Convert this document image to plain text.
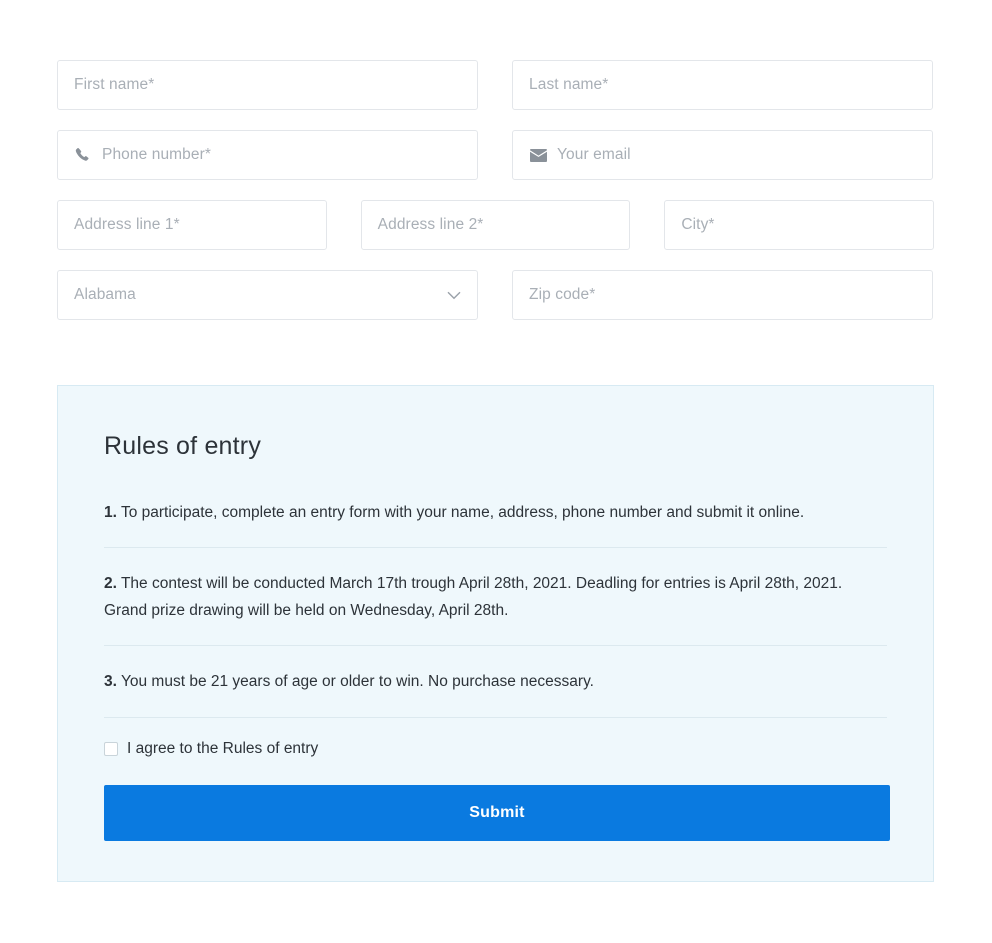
First name*	Last name*
Phone number*	Your email
Address line 1*	Address line 2*	City*
Alabama	Zip code*
Rules of entry
1. To participate, complete an entry form with your name, address, phone number and submit it online.
2. The contest will be conducted March 17th trough April 28th, 2021. Deadling for entries is April 28th, 2021. Grand prize drawing will be held on Wednesday, April 28th.
3. You must be 21 years of age or older to win. No purchase necessary.
I agree to the Rules of entry
Submit
